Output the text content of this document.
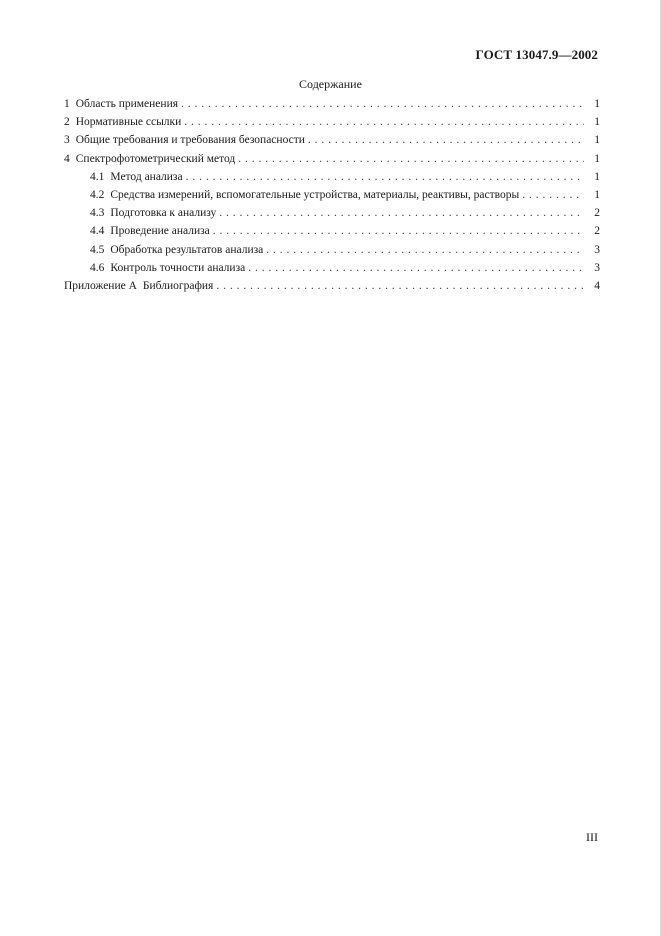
ГОСТ 13047.9—2002
Содержание
1 Область применения . . .	1
2 Нормативные ссылки . . .	1
3 Общие требования и требования безопасности . . .	1
4 Спектрофотометрический метод . . .	1
4.1 Метод анализа . . .	1
4.2 Средства измерений, вспомогательные устройства, материалы, реактивы, растворы . . .	1
4.3 Подготовка к анализу . . .	2
4.4 Проведение анализа . . .	2
4.5 Обработка результатов анализа . . .	3
4.6 Контроль точности анализа . . .	3
Приложение А Библиография . . .	4
III
